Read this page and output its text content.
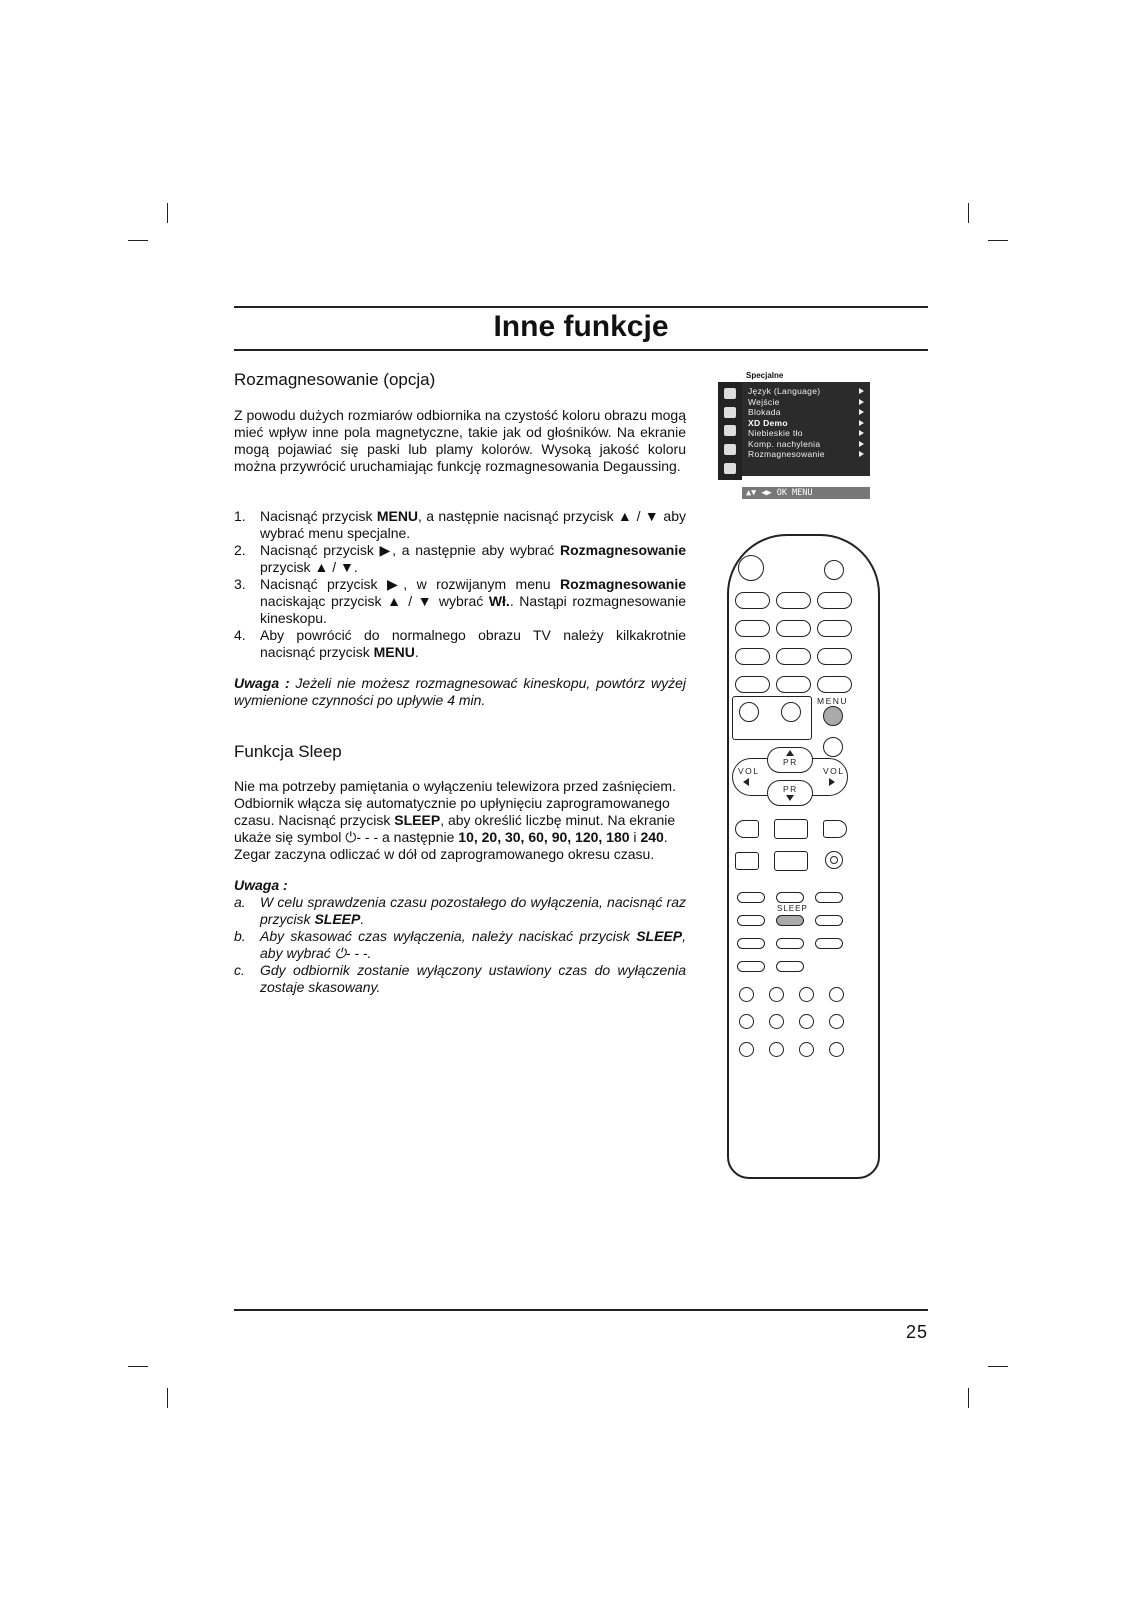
Inne funkcje
Rozmagnesowanie (opcja)

Z powodu dużych rozmiarów odbiornika na czystość koloru obrazu mogą mieć wpływ inne pola magnetyczne, takie jak od głośników. Na ekranie mogą pojawiać się paski lub plamy kolorów. Wysoką jakość koloru można przywrócić uruchamiając funkcję rozmagnesowania Degaussing.

1. Nacisnąć przycisk MENU, a następnie nacisnąć przycisk ▲ / ▼ aby wybrać menu specjalne.
2. Nacisnąć przycisk ▶, a następnie aby wybrać Rozmagnesowanie przycisk ▲ / ▼.
3. Nacisnąć przycisk ▶, w rozwijanym menu Rozmagnesowanie naciskając przycisk ▲ / ▼ wybrać Wł.. Nastąpi rozmagnesowanie kineskopu.
4. Aby powrócić do normalnego obrazu TV należy kilkakrotnie nacisnąć przycisk MENU.
Uwaga : Jeżeli nie możesz rozmagnesować kineskopu, powtórz wyżej wymienione czynności po upływie 4 min.
Funkcja Sleep

Nie ma potrzeby pamiętania o wyłączeniu telewizora przed zaśnięciem. Odbiornik włącza się automatycznie po upłynięciu zaprogramowanego czasu. Nacisnąć przycisk SLEEP, aby określić liczbę minut. Na ekranie ukaże się symbol ⏻- - - a następnie 10, 20, 30, 60, 90, 120, 180 i 240. Zegar zaczyna odliczać w dół od zaprogramowanego okresu czasu.

Uwaga :

a. W celu sprawdzenia czasu pozostałego do wyłączenia, nacisnąć raz przycisk SLEEP.
b. Aby skasować czas wyłączenia, należy naciskać przycisk SLEEP, aby wybrać ⏻- - -.
c. Gdy odbiornik zostanie wyłączony ustawiony czas do wyłączenia zostaje skasowany.
Specjalne
Język (Language)
Wejście
Blokada
XD Demo
Niebieskie tło
Komp. nachylenia
Rozmagnesowanie
▲▼ ◀▶ OK MENU
MENU
PR
PR
VOL	VOL
SLEEP
25
